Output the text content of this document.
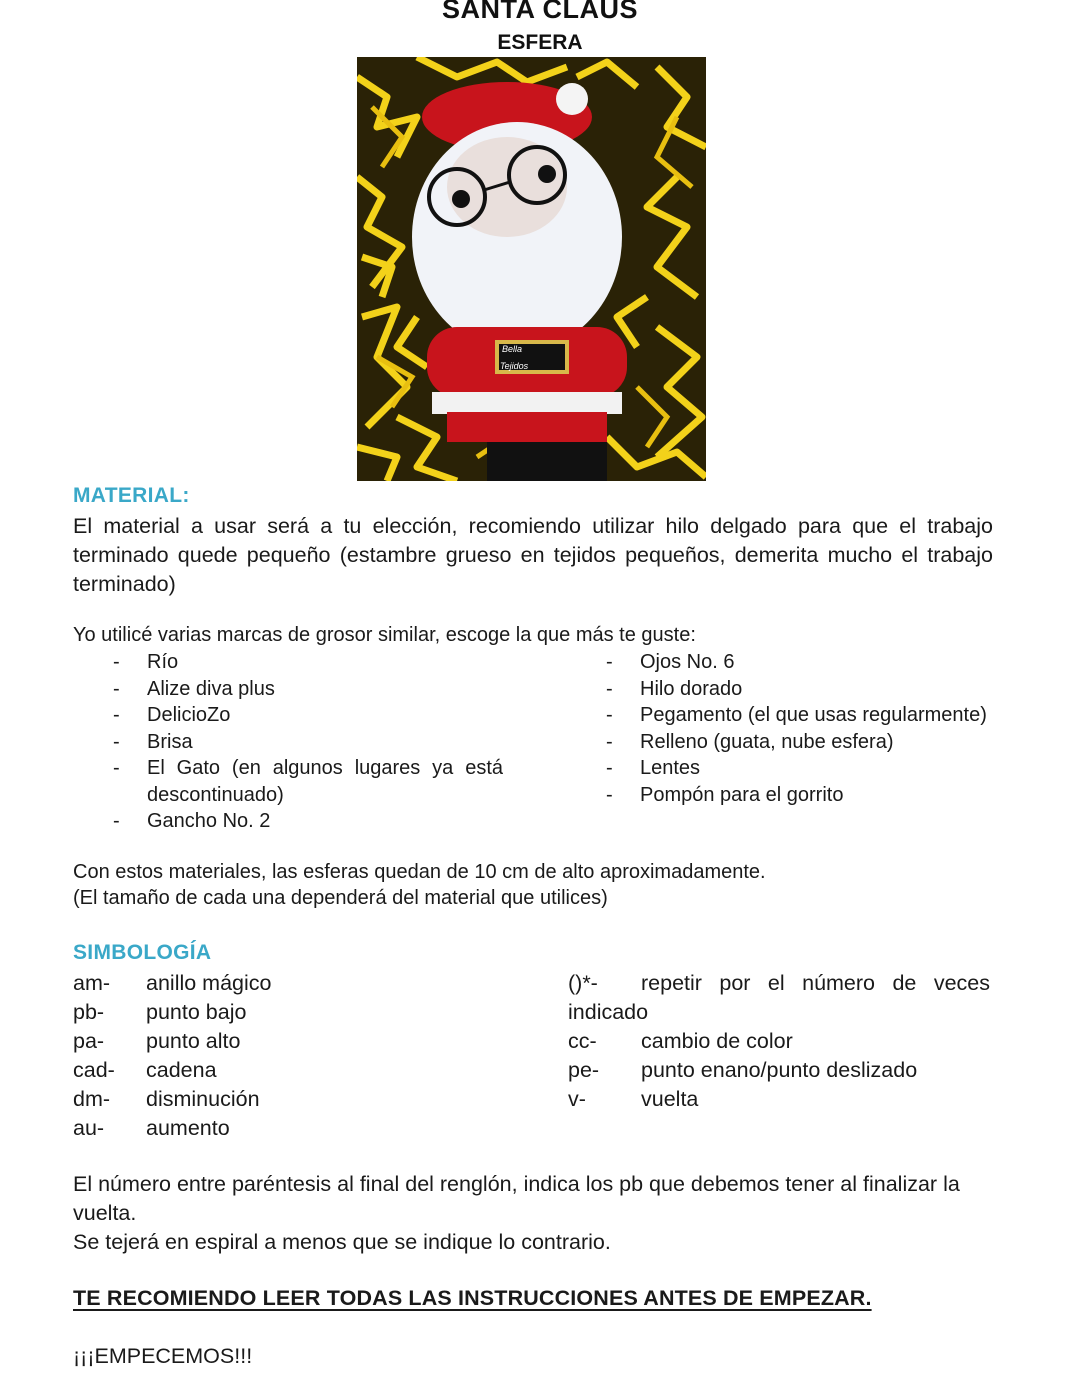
SANTA CLAUS
ESFERA
Bella
Tejidos
MATERIAL:
El material a usar será a tu elección, recomiendo utilizar hilo delgado para que el trabajo terminado quede pequeño (estambre grueso en tejidos pequeños, demerita mucho el trabajo terminado)
Yo utilicé varias marcas de grosor similar, escoge la que más te guste:
- Río
- Alize diva plus
- DelicioZo
- Brisa
- El Gato (en algunos lugares ya está descontinuado)
- Gancho No. 2
- Ojos No. 6
- Hilo dorado
- Pegamento (el que usas regularmente)
- Relleno (guata, nube esfera)
- Lentes
- Pompón para el gorrito
Con estos materiales, las esferas quedan de 10 cm de alto aproximadamente.
(El tamaño de cada una dependerá del material que utilices)
SIMBOLOGÍA
am-	anillo mágico
pb-	punto bajo
pa-	punto alto
cad-	cadena
dm-	disminución
au-	aumento
()*-	repetir por el número de veces
indicado
cc-	cambio de color
pe-	punto enano/punto deslizado
v-	vuelta
El número entre paréntesis al final del renglón, indica los pb que debemos tener al finalizar la vuelta.
Se tejerá en espiral a menos que se indique lo contrario.
TE RECOMIENDO LEER TODAS LAS INSTRUCCIONES ANTES DE EMPEZAR.
¡¡¡EMPECEMOS!!!
